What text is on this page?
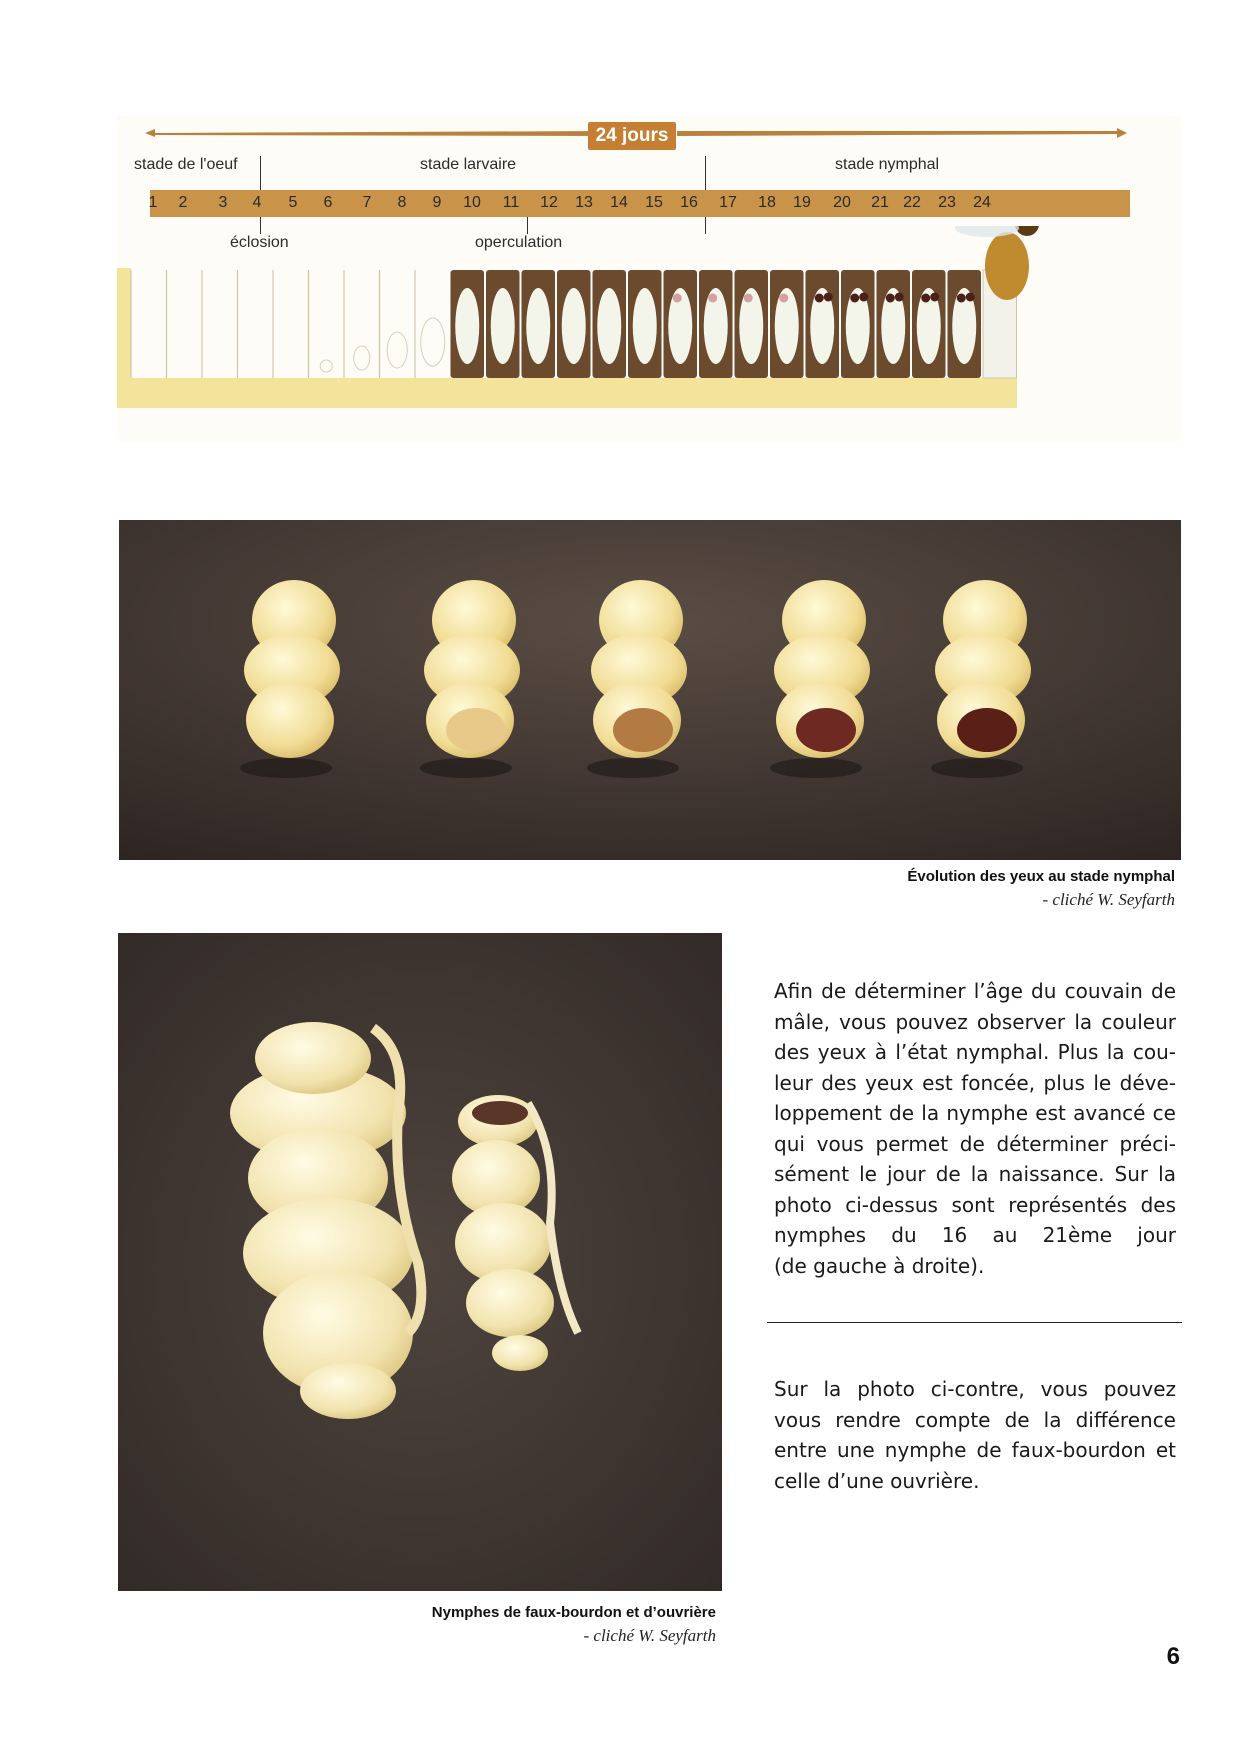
24 jours
stade de l'oeuf	stade larvaire	stade nymphal
1	2	3	4	5	6	7	8	9	10	11	12	13	14	15	16	17	18	19	20	21 22	23	24
éclosion	operculation
Évolution des yeux au stade nymphal
- cliché W. Seyfarth
Nymphes de faux-bourdon et d’ouvrière
- cliché W. Seyfarth
Afin de déterminer l’âge du couvain de
mâle, vous pouvez observer la couleur
des yeux à l’état nymphal. Plus la cou-
leur des yeux est foncée, plus le déve-
loppement de la nymphe est avancé ce
qui vous permet de déterminer préci-
sément le jour de la naissance. Sur la
photo ci-dessus sont représentés des
nymphes du 16 au 21ème jour
(de gauche à droite).
Sur la photo ci-contre, vous pouvez
vous rendre compte de la différence
entre une nymphe de faux-bourdon et
celle d’une ouvrière.
6
